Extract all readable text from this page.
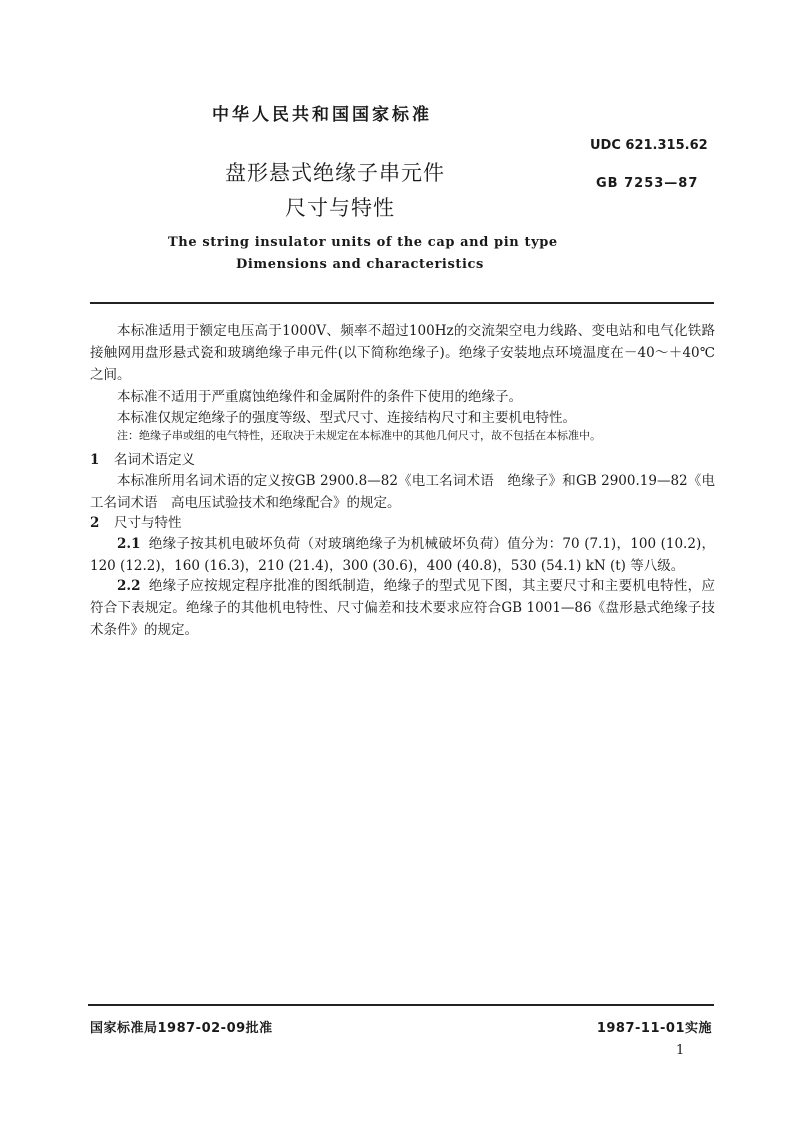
中华人民共和国国家标准
UDC 621.315.62
GB 7253—87
盘形悬式绝缘子串元件
尺寸与特性
The string insulator units of the cap and pin type
Dimensions and characteristics
本标准适用于额定电压高于1000V、频率不超过100Hz的交流架空电力线路、变电站和电气化铁路接触网用盘形悬式瓷和玻璃绝缘子串元件(以下简称绝缘子)。绝缘子安装地点环境温度在－40～＋40℃之间。
本标准不适用于严重腐蚀绝缘件和金属附件的条件下使用的绝缘子。
本标准仅规定绝缘子的强度等级、型式尺寸、连接结构尺寸和主要机电特性。
注：绝缘子串或组的电气特性，还取决于未规定在本标准中的其他几何尺寸，故不包括在本标准中。
1 名词术语定义
本标准所用名词术语的定义按GB 2900.8—82《电工名词术语　绝缘子》和GB 2900.19—82《电工名词术语　高电压试验技术和绝缘配合》的规定。
2 尺寸与特性
2.1 绝缘子按其机电破坏负荷（对玻璃绝缘子为机械破坏负荷）值分为：70 (7.1)，100 (10.2)，120 (12.2)，160 (16.3)，210 (21.4)，300 (30.6)，400 (40.8)，530 (54.1) kN (t) 等八级。
2.2 绝缘子应按规定程序批准的图纸制造，绝缘子的型式见下图，其主要尺寸和主要机电特性，应符合下表规定。绝缘子的其他机电特性、尺寸偏差和技术要求应符合GB 1001—86《盘形悬式绝缘子技术条件》的规定。
国家标准局1987-02-09批准	1987-11-01实施
1
